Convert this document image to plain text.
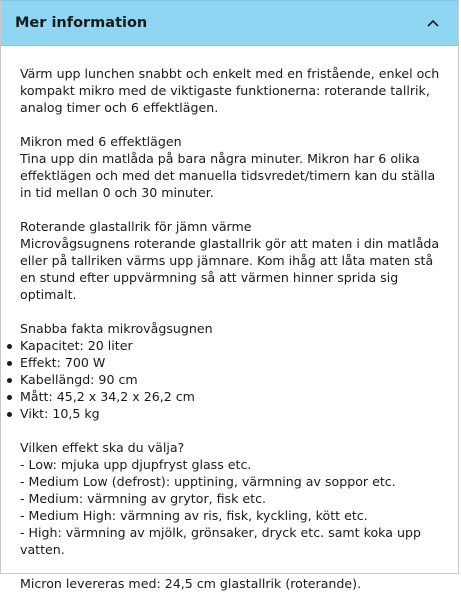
Mer information

Värm upp lunchen snabbt och enkelt med en fristående, enkel och kompakt mikro med de viktigaste funktionerna: roterande tallrik, analog timer och 6 effektlägen.

Mikron med 6 effektlägen

Tina upp din matlåda på bara några minuter. Mikron har 6 olika effektlägen och med det manuella tidsvredet/timern kan du ställa in tid mellan 0 och 30 minuter.

Roterande glastallrik för jämn värme

Microvågsugnens roterande glastallrik gör att maten i din matlåda eller på tallriken värms upp jämnare. Kom ihåg att låta maten stå en stund efter uppvärmning så att värmen hinner sprida sig optimalt.

Snabba fakta mikrovågsugnen

Kapacitet: 20 liter
Effekt: 700 W
Kabellängd: 90 cm
Mått: 45,2 x 34,2 x 26,2 cm
Vikt: 10,5 kg

Vilken effekt ska du välja?

- Low: mjuka upp djupfryst glass etc.

- Medium Low (defrost): upptining, värmning av soppor etc.

- Medium: värmning av grytor, fisk etc.

- Medium High: värmning av ris, fisk, kyckling, kött etc.

- High: värmning av mjölk, grönsaker, dryck etc. samt koka upp vatten.

Micron levereras med: 24,5 cm glastallrik (roterande).
